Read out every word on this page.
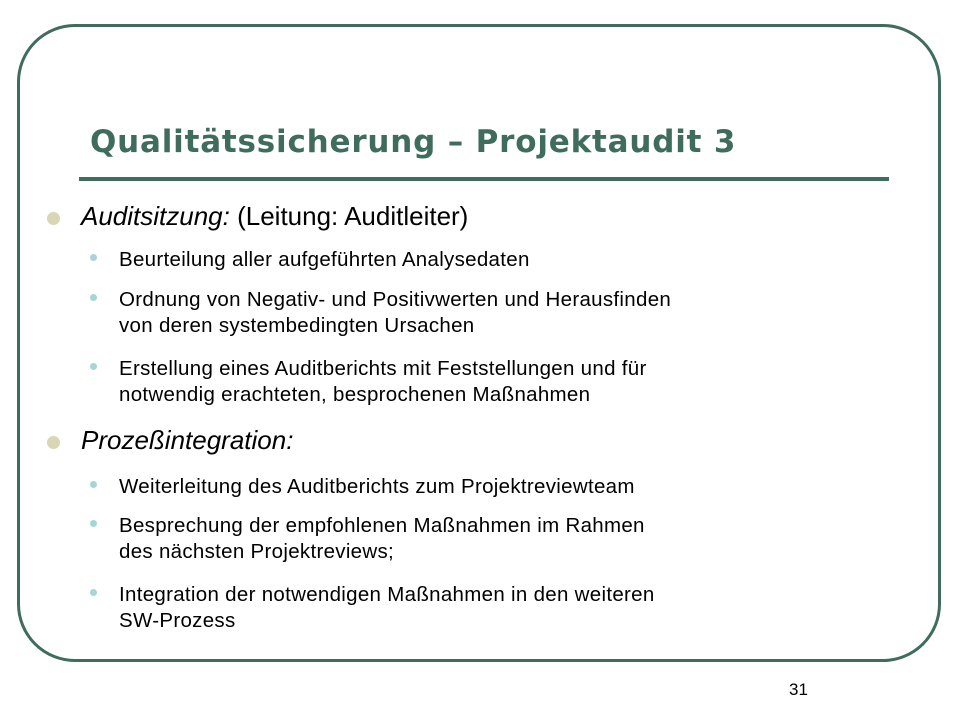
Qualitätssicherung – Projektaudit 3
Auditsitzung: (Leitung: Auditleiter)
Beurteilung aller aufgeführten Analysedaten
Ordnung von Negativ- und Positivwerten und Herausfinden
von deren systembedingten Ursachen
Erstellung eines Auditberichts mit Feststellungen und für
notwendig erachteten, besprochenen Maßnahmen
Prozeßintegration:
Weiterleitung des Auditberichts zum Projektreviewteam
Besprechung der empfohlenen Maßnahmen im Rahmen
des nächsten Projektreviews;
Integration der notwendigen Maßnahmen in den weiteren
SW-Prozess
31
